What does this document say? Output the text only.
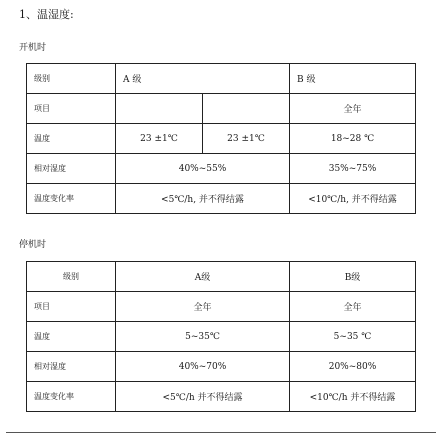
1、温湿度:
开机时
级别	A 级		B 级
项目			全年
温度	23 ±1℃	23 ±1℃	18~28 ℃
相对湿度	40%~55%		35%~75%
温度变化率	<5℃/h, 并不得结露		<10℃/h, 并不得结露
停机时
级别	A级	B级
项目	全年	全年
温度	5~35℃	5~35 ℃
相对湿度	40%~70%	20%~80%
温度变化率	<5℃/h 并不得结露	<10℃/h 并不得结露
